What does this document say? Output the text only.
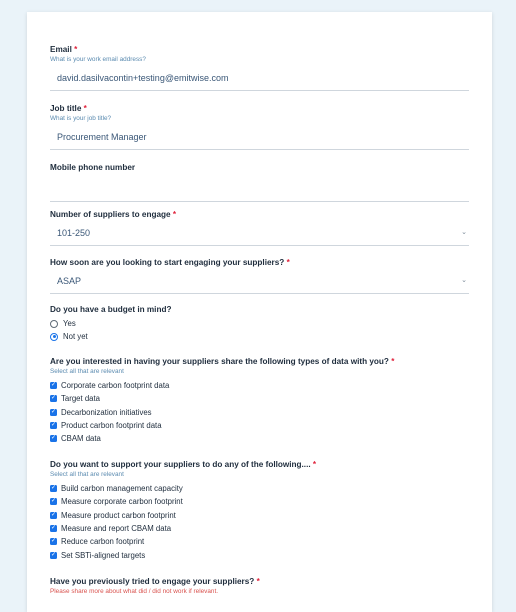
Email *
What is your work email address?
david.dasilvacontin+testing@emitwise.com
Job title *
What is your job title?
Procurement Manager
Mobile phone number
Number of suppliers to engage *
101-250	⌄
How soon are you looking to start engaging your suppliers? *
ASAP	⌄
Do you have a budget in mind?
Yes
Not yet
Are you interested in having your suppliers share the following types of data with you? *
Select all that are relevant
✓ Corporate carbon footprint data
✓ Target data
✓ Decarbonization initiatives
✓ Product carbon footprint data
✓ CBAM data
Do you want to support your suppliers to do any of the following.... *
Select all that are relevant
✓ Build carbon management capacity
✓ Measure corporate carbon footprint
✓ Measure product carbon footprint
✓ Measure and report CBAM data
✓ Reduce carbon footprint
✓ Set SBTi-aligned targets
Have you previously tried to engage your suppliers? *
Please share more about what did / did not work if relevant.
